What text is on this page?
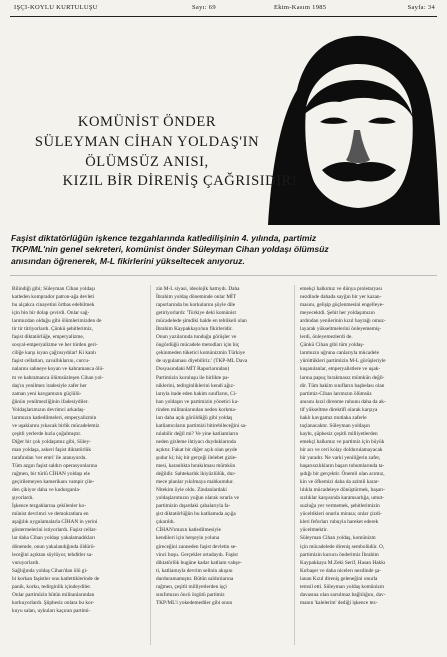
IŞÇI-KOYLU KURTULUŞU	Sayı: 69	Ekim-Kasım 1985	Sayfa: 34
KOMÜNİST ÖNDER
SÜLEYMAN CİHAN YOLDAŞ'IN
ÖLÜMSÜZ ANISI,
KIZIL BİR DİRENİŞ ÇAĞRISIDIR!
Faşist diktatörlüğün işkence tezgahlarında katledilişinin 4. yılında, partimiz
TKP/ML'nin genel sekreteri, komünist önder Süleyman Cihan yoldaşı ölümsüz
anısından öğrenerek, M-L fikirlerini yükseltecek anıyoruz.
Bilindiği gibi; Süleyman Cihan yoldaşı
katleden komprador patron-ağa devleti
bu alçakca cinayetini örtbas edebilmek
için bin bir dolap çevirdi. Onlar sağ-
larımızdan olduğu gibi ölümlerimizden de
tir tir titriyorlardı. Çünkü şehitlerimiz,
faşist diktatörlüğe, emperyalizme,
sosyal-emperyalizme ve her türden geri-
ciliğe karşı isyan çağrısıydılar! Ki kanlı
faşist cellatları, zavallıklarını, curcu-
nalarını sahneye koyan ve kahramanca ölü-
m ve kahramanca ölümsüzleşen Cihan yol-
daş'ın yenilmez iradesiyle zafer her
zaman yeni kavgamızın güçlülü-
ğünün yenilmezliğinin ifadesiydiler.
Yoldaşlarımızın devrimci arkadaş-
larımızın katledilmeleri, emperyalizmin
ve uşaklarını yıkacak birlik mücadelemiz
çeşitli yerlerde hızla çoğalmıştır.
Diğer bir çok yoldaşımız gibi, Süley-
man yoldaşa, askeri faşist diktatörlük
tarafından 'ver emri' ile aranıyordu.
Tüm azgın faşist saldırı operasyonlarına
rağmen, bir türlü CİHAN yoldaşı ele
geçirilemeyen kamerikanı vampir çile-
den çikiyor daha ve kudurganla-
şıyorlardı.
İşkence tezgahlarına çekilenler ko-
münist devrimci ve demokratlara en
aşağılık uygulamalarla CİHAN in yerini
göstermelerini istiyorlardı. Faşist cellat-
lar daha Cihan yoldaşı yakalamadıkları
dönemde, onun yakalandığında öldürü-
leceğini açıktan söylüyor, tehditler sa-
vuruyorlardı.
Sağlığında yoldaş Cihan'dan ölü gi-
bi korkan faşistler onu katlettiklerinde de
panik, korku, tedirginlik içindeydiler.
Onlar partimizin bütün militanlarından
korkuyorlardı. Şüphesiz onlara bu kor-
kuyu salan, uykuları kaçıran partimi-
zin M-L siyasi, ideolojik hattıydı. Daha
İbrahim yoldaş döneminde onlar MİT
raporlarında bu korkularını şöyle dile
getiriyorlardı: 'Türkiye deki komünist
mücadelede şimdiki halde en tehlikeli olan
İbrahim Kaypakkaya'nın fikirleridir.
Onun yazılarında tunduğu görüşler ve
öngördüğü mücadele metodları için hiç
çekinmeden tüketici komünizmin Türkiye
de uygulaması diyebiliriz.' (TKP-ML Dava
Dosyasındaki MİT Raporlarından)
Partimizin kuruluşu ile birlikte pa-
niklerini, tedirginliklerini kendi ağız-
larıyla itade eden hakim sınıfların, Ci-
han yoldaşın ve partimizin yönetici ka-
rinden militanlarından neden korkma-
ları daha açık görüldüğü gibi yoldaş
katliamcıların partimizi bitirebileceğini sa-
nılabilir değil mi? Ve yine katliamların
neden gizleme ihtiyacı duyduklarında
açıktır. Fakat bir diğer açık olan şeyde
şudur ki; hiç bir gerçeği ilelebet gizle-
mesi, karanlıkta bırakılması mümkün
değildir. Sahtekarlık ikiyüzlülük, dur-
mece planlar yıkılmaya mahkumdur.
Nitekim öyle oldu. Zindanlardaki
yoldaşlarımızın yoğun olarak ısrarla ve
partimizin dışardaki çabalarıyla fa-
şist diktatörlüğün bu katliamıda açığa
çıkarıldı.
CİHAN'ımızın katledilmesiyle
kendileri için herşeyin yoluna
gireceğini zanneden faşist devletin se-
vinci boşu. Gerçekler ortadaydı. Faşist
diktatörlük bugüne kadar katliam vahşe-
ti, katliamıyla devrim selinin akışını
durduramamıştır. Bütün saldırılarına
rağmen, çeşitli milliyetlerden işçi
sınıfımızın öncü örgütü partimiz
TKP/ML'i yokedemediler gibi onun
emekçi halkımız ve dünya proletaryası
nezdinde dahada sayğın bir yer kazan-
masını, gelişip güçlenmesini engelleye-
meyecektdi. Şehit her yoldaşımızın
ardından yenilerinin kızıl bayrağı omuz-
layarak yükseltmelerini önleyememiş-
lerdi, önleyemezlerdi de.
Çünkü Cihan gibi tüm yoldaş-
larımızın uğruna canlarıyla mücadele
yürüttükleri partimizin M-L görüşleriyle
kuşanılanlar, emperyalistlere ve uşak-
larına papuç bırakmasız mümkün değil-
dir. Tüm hakim sınıfların başbelası olan
partimiz-Cihan larımızın ölümsüz
anısını kızıl direnme ruhunu daha da ak-
tif yükseltme direktifi olarak karşıya
haklı kavgamız mutlaka zaferle
taçlanacaktır. Süleyman yoldaşın
kaybı, şüphesiz çeşitli milliyetlerden
emekçi halkımız ve partimiz için büyük
bir acı ve ceri kolay doldurulamayacak
bir yaradır. Ne varki yeniliğerin zafer,
başarısızlıkların başarı tohumlarında ta-
şıdığı bir gerçektir. Önemli olan acımız,
kin ve öfkemizi daha da azimli karar-
lılıkla mücadeleye dönüştürmek, başarı-
sızlıklar karşısında karamsarlığa, umut-
suzluğa yer vermemek, şehitlerimizin
yüceltikleri onurlu mirasa; onlar çizdi-
kleri feforları rubuyla hareket ederek
yüceltmektir.
Süleyman Cihan yoldaş, komünizm
için mücadelede direniş sembolüdür. O,
partimizin kurucu önderimiz İbrahim
Kaypakkaya M.Zeki Serif, Hasan Hakkı
Kırbaşer ve daha nicelerı nezdinde şa-
lanan Kızıl direniş geleneğini onurla
temsil etti. Süleyman yoldaş komünizm
davasına olan sarsılmaz bağlılığını, dav-
manın 'kalelerim' dediği işkence tez-
